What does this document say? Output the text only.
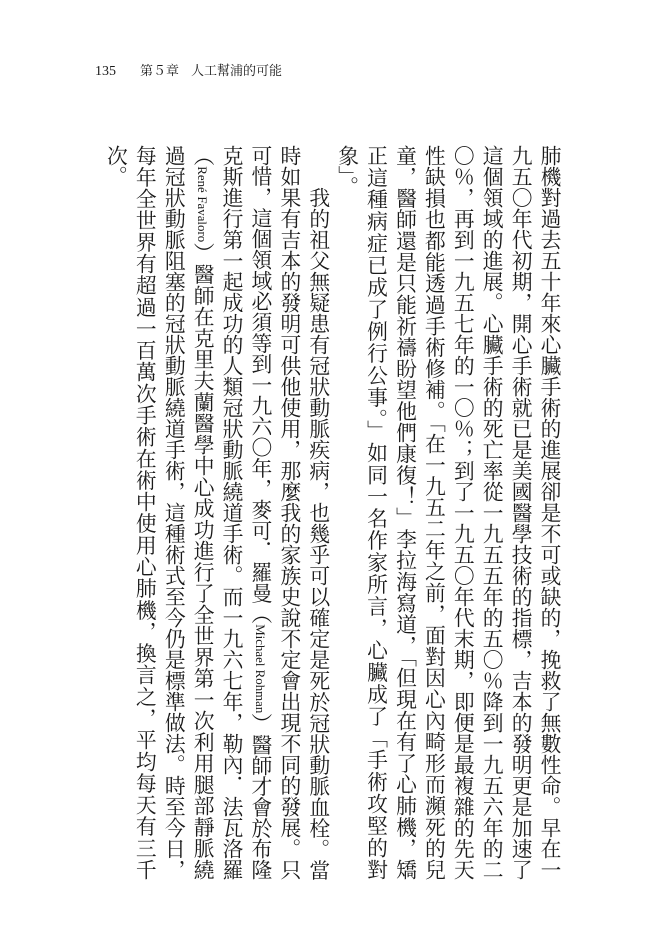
135 第５章 人工幫浦的可能

肺機對過去五十年來心臟手術的進展卻是不可或缺的，挽救了無數性命。早在一九五〇年代初期，開心手術就已是美國醫學技術的指標，吉本的發明更是加速了這個領域的進展。心臟手術的死亡率從一九五五年的五〇％降到一九五六年的二〇％，再到一九五七年的一〇％；到了一九五〇年代末期，即便是最複雜的先天性缺損也都能透過手術修補。「在一九五二年之前，面對因心內畸形而瀕死的兒童，醫師還是只能祈禱盼望他們康復！」李拉海寫道，「但現在有了心肺機，矯正這種病症已成了例行公事。」如同一名作家所言，心臟成了「手術攻堅的對象」。

我的祖父無疑患有冠狀動脈疾病，也幾乎可以確定是死於冠狀動脈血栓。當時如果有吉本的發明可供他使用，那麼我的家族史說不定會出現不同的發展。只可惜，這個領域必須等到一九六〇年，麥可．羅曼（Michael Rohman）醫師才會於布隆克斯進行第一起成功的人類冠狀動脈繞道手術。而一九六七年，勒內．法瓦洛羅（René Favaloro）醫師在克里夫蘭醫學中心成功進行了全世界第一次利用腿部靜脈繞過冠狀動脈阻塞的冠狀動脈繞道手術，這種術式至今仍是標準做法。時至今日，每年全世界有超過一百萬次手術在術中使用心肺機，換言之，平均每天有三千次。
